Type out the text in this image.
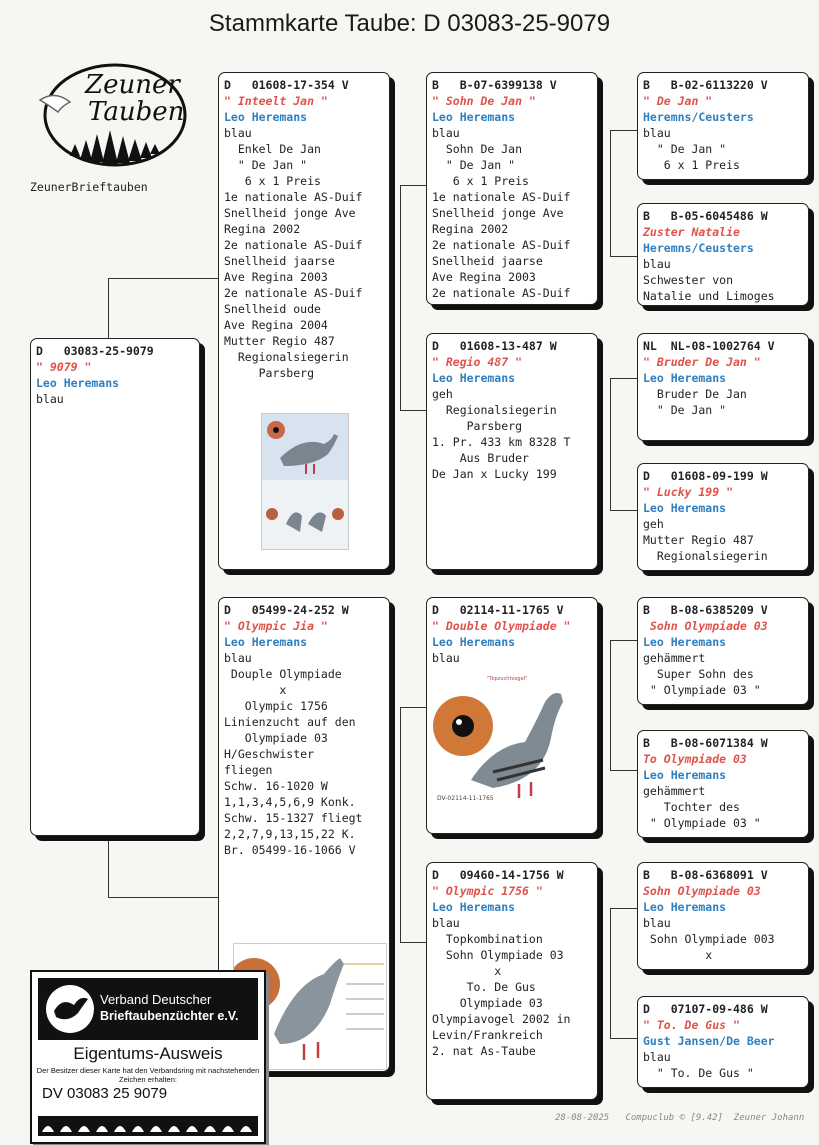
Stammkarte Taube: D 03083-25-9079
Zeuner
Tauben
ZeunerBrieftauben
D   03083-25-9079
" 9079 "
Leo Heremans
blau
D   01608-17-354 V
" Inteelt Jan "
Leo Heremans
blau
Enkel De Jan
" De Jan "
6 x 1 Preis
1e nationale AS-Duif
Snellheid jonge Ave
Regina 2002
2e nationale AS-Duif
Snellheid jaarse
Ave Regina 2003
2e nationale AS-Duif
Snellheid oude
Ave Regina 2004
Mutter Regio 487
Regionalsiegerin
Parsberg
D   05499-24-252 W
" Olympic Jia "
Leo Heremans
blau
Douple Olympiade
x
Olympic 1756
Linienzucht auf den
Olympiade 03
H/Geschwister
fliegen
Schw. 16-1020 W
1,1,3,4,5,6,9 Konk.
Schw. 15-1327 fliegt
2,2,7,9,13,15,22 K.
Br. 05499-16-1066 V
B   B-07-6399138 V
" Sohn De Jan "
Leo Heremans
blau
Sohn De Jan
" De Jan "
6 x 1 Preis
1e nationale AS-Duif
Snellheid jonge Ave
Regina 2002
2e nationale AS-Duif
Snellheid jaarse
Ave Regina 2003
2e nationale AS-Duif
D   01608-13-487 W
" Regio 487 "
Leo Heremans
geh
Regionalsiegerin
Parsberg
1. Pr. 433 km 8328 T
Aus Bruder
De Jan x Lucky 199
D   02114-11-1765 V
" Double Olympiade "
Leo Heremans
blau
DV-02114-11-1765
"Topzuchtvogel"
D   09460-14-1756 W
" Olympic 1756 "
Leo Heremans
blau
Topkombination
Sohn Olympiade 03
x
To. De Gus
Olympiade 03
Olympiavogel 2002 in
Levin/Frankreich
2. nat As-Taube
B   B-02-6113220 V
" De Jan "
Heremns/Ceusters
blau
" De Jan "
6 x 1 Preis
B   B-05-6045486 W
Zuster Natalie
Heremns/Ceusters
blau
Schwester von
Natalie und Limoges
NL  NL-08-1002764 V
" Bruder De Jan "
Leo Heremans
Bruder De Jan
" De Jan "
D   01608-09-199 W
" Lucky 199 "
Leo Heremans
geh
Mutter Regio 487
Regionalsiegerin
B   B-08-6385209 V
Sohn Olympiade 03
Leo Heremans
gehämmert
Super Sohn des
" Olympiade 03 "
B   B-08-6071384 W
To Olympiade 03
Leo Heremans
gehämmert
Tochter des
" Olympiade 03 "
B   B-08-6368091 V
Sohn Olympiade 03
Leo Heremans
blau
Sohn Olympiade 003
x
D   07107-09-486 W
" To. De Gus "
Gust Jansen/De Beer
blau
" To. De Gus "
Verband Deutscher
Brieftaubenzüchter e.V.
Eigentums-Ausweis
Der Besitzer dieser Karte hat den Verbandsring mit nachstehenden Zeichen erhalten:
DV 03083 25 9079
28-08-2025   Compuclub © [9.42]  Zeuner Johann
